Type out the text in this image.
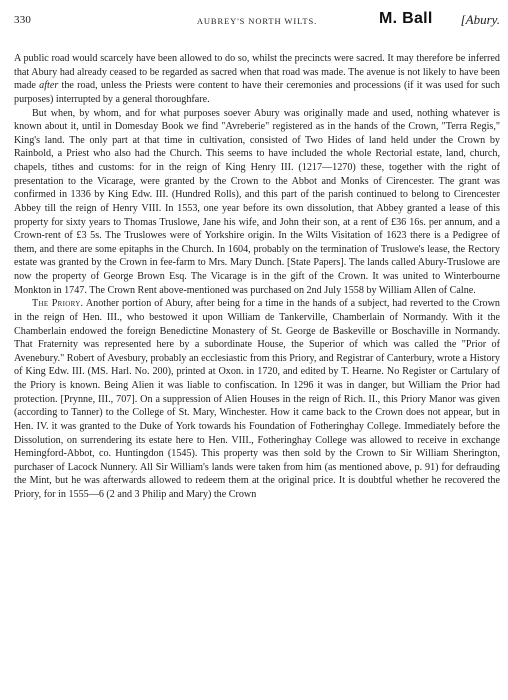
330	AUBREY'S NORTH WILTS.	M. Ball [Abury.

A public road would scarcely have been allowed to do so, whilst the precincts were sacred. It may therefore be inferred that Abury had already ceased to be regarded as sacred when that road was made. The avenue is not likely to have been made after the road, unless the Priests were content to have their ceremonies and processions (if it was used for such purposes) interrupted by a general thoroughfare.

But when, by whom, and for what purposes soever Abury was originally made and used, nothing whatever is known about it, until in Domesday Book we find "Avreberie" registered as in the hands of the Crown, "Terra Regis," King's land. The only part at that time in cultivation, consisted of Two Hides of land held under the Crown by Rainbold, a Priest who also had the Church. This seems to have included the whole Rectorial estate, land, church, chapels, tithes and customs: for in the reign of King Henry III. (1217—1270) these, together with the right of presentation to the Vicarage, were granted by the Crown to the Abbot and Monks of Cirencester. The grant was confirmed in 1336 by King Edw. III. (Hundred Rolls), and this part of the parish continued to belong to Cirencester Abbey till the reign of Henry VIII. In 1553, one year before its own dissolution, that Abbey granted a lease of this property for sixty years to Thomas Truslowe, Jane his wife, and John their son, at a rent of £36 16s. per annum, and a Crown-rent of £3 5s. The Truslowes were of Yorkshire origin. In the Wilts Visitation of 1623 there is a Pedigree of them, and there are some epitaphs in the Church. In 1604, probably on the termination of Truslowe's lease, the Rectory estate was granted by the Crown in fee-farm to Mrs. Mary Dunch. [State Papers]. The lands called Abury-Truslowe are now the property of George Brown Esq. The Vicarage is in the gift of the Crown. It was united to Winterbourne Monkton in 1747. The Crown Rent above-mentioned was purchased on 2nd July 1558 by William Allen of Calne.

The Priory. Another portion of Abury, after being for a time in the hands of a subject, had reverted to the Crown in the reign of Hen. III., who bestowed it upon William de Tankerville, Chamberlain of Normandy. With it the Chamberlain endowed the foreign Benedictine Monastery of St. George de Baskeville or Boschaville in Normandy. That Fraternity was represented here by a subordinate House, the Superior of which was called the "Prior of Avenebury." Robert of Avesbury, probably an ecclesiastic from this Priory, and Registrar of Canterbury, wrote a History of King Edw. III. (MS. Harl. No. 200), printed at Oxon. in 1720, and edited by T. Hearne. No Register or Cartulary of the Priory is known. Being Alien it was liable to confiscation. In 1296 it was in danger, but William the Prior had protection. [Prynne, III., 707]. On a suppression of Alien Houses in the reign of Rich. II., this Priory Manor was given (according to Tanner) to the College of St. Mary, Winchester. How it came back to the Crown does not appear, but in Hen. IV. it was granted to the Duke of York towards his Foundation of Fotheringhay College. Immediately before the Dissolution, on surrendering its estate here to Hen. VIII., Fotheringhay College was allowed to receive in exchange Hemingford-Abbot, co. Huntingdon (1545). This property was then sold by the Crown to Sir William Sherington, purchaser of Lacock Nunnery. All Sir William's lands were taken from him (as mentioned above, p. 91) for defrauding the Mint, but he was afterwards allowed to redeem them at the original price. It is doubtful whether he recovered the Priory, for in 1555—6 (2 and 3 Philip and Mary) the Crown
